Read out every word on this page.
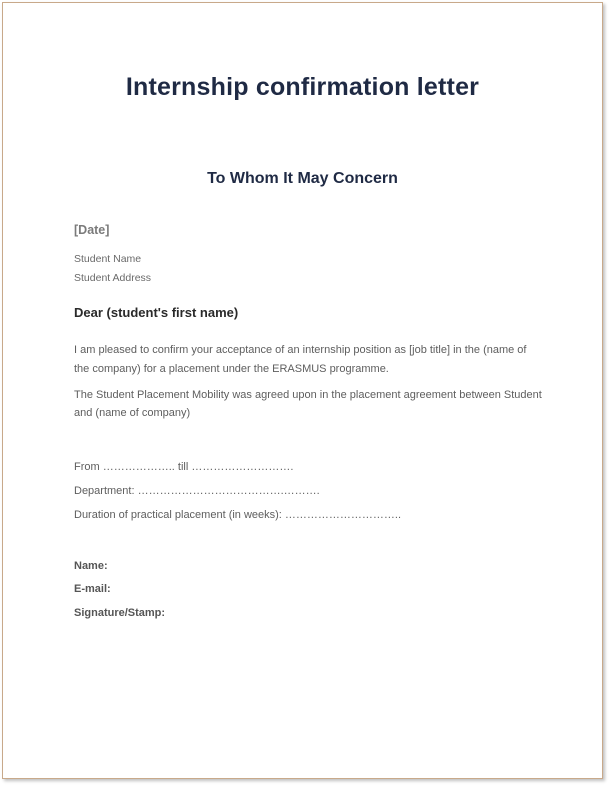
Internship confirmation letter
To Whom It May Concern
[Date]
Student Name
Student Address
Dear (student's first name)
I am pleased to confirm your acceptance of an internship position as [job title] in the (name of
the company) for a placement under the ERASMUS programme.
The Student Placement Mobility was agreed upon in the placement agreement between Student
and (name of company)
From ……………….. till ……………………….
Department: ………………………………….……….
Duration of practical placement (in weeks): …………………………..
Name:
E-mail:
Signature/Stamp:
